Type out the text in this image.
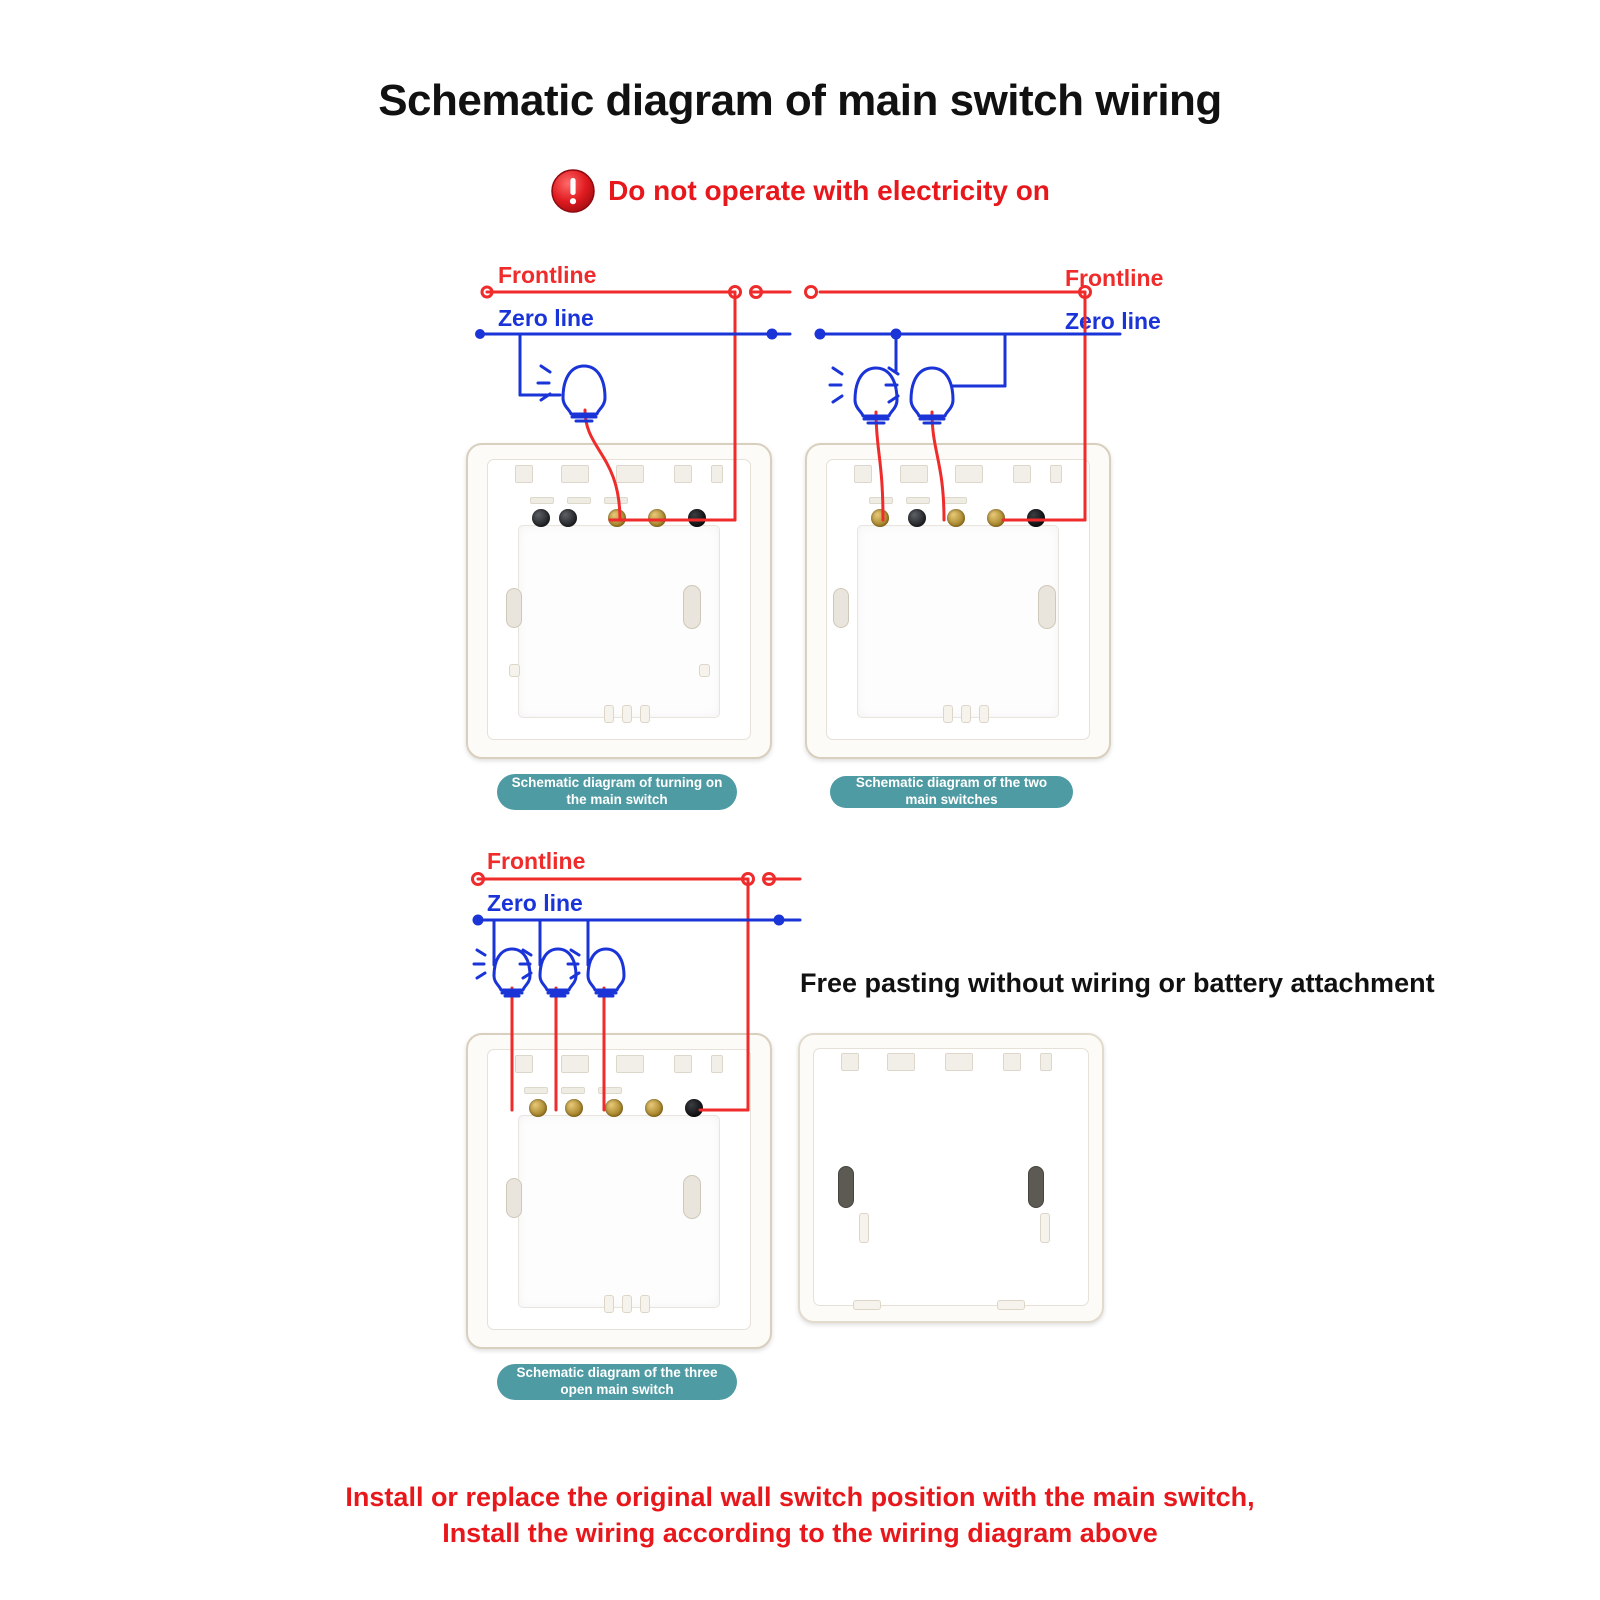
Schematic diagram of main switch wiring
Do not operate with electricity on
Frontline
Zero line
Frontline
Zero line
Frontline
Zero line
Schematic diagram of turning on the main switch
Schematic diagram of the two main switches
Schematic diagram of the three open main switch
Free pasting without wiring or battery attachment
Install or replace the original wall switch position with the main switch,
Install the wiring according to the wiring diagram above
